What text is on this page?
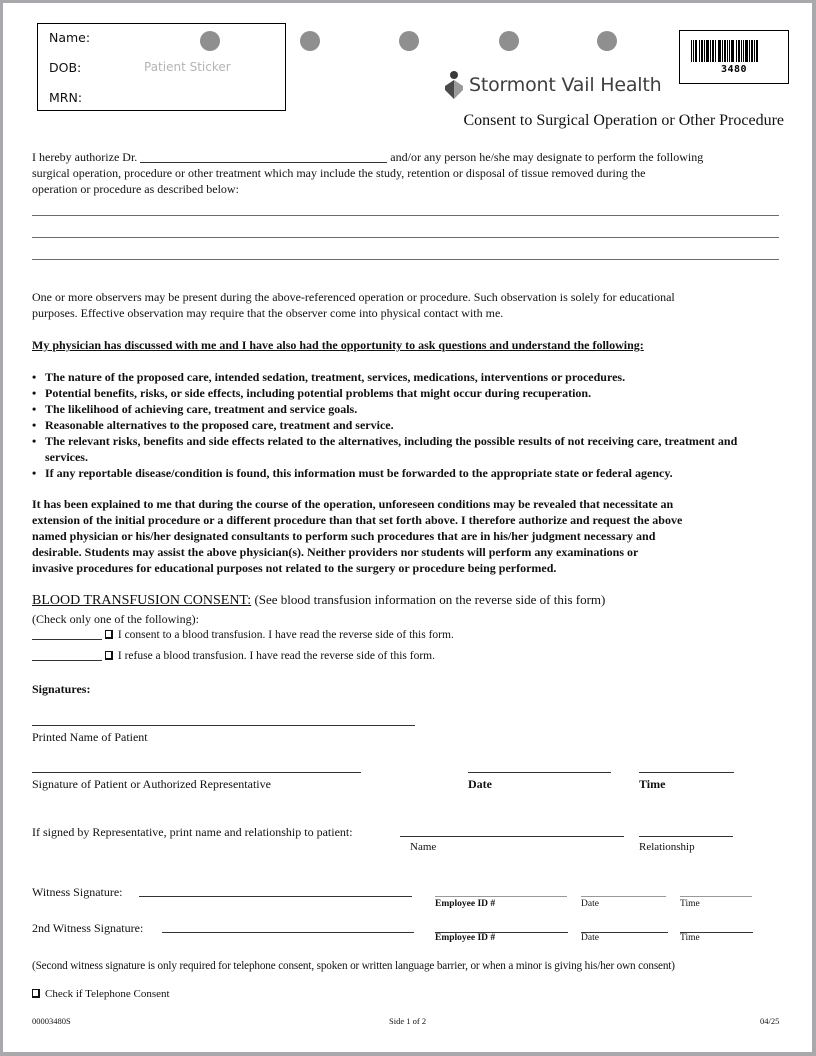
Name:
DOB:
MRN:
Patient Sticker	3480
Stormont Vail Health
Consent to Surgical Operation or Other Procedure
I hereby authorize Dr.	and/or any person he/she may designate to perform the following
surgical operation, procedure or other treatment which may include the study, retention or disposal of tissue removed during the
operation or procedure as described below:
One or more observers may be present during the above-referenced operation or procedure. Such observation is solely for educational
purposes. Effective observation may require that the observer come into physical contact with me.
My physician has discussed with me and I have also had the opportunity to ask questions and understand the following:
• The nature of the proposed care, intended sedation, treatment, services, medications, interventions or procedures.
• Potential benefits, risks, or side effects, including potential problems that might occur during recuperation.
• The likelihood of achieving care, treatment and service goals.
• Reasonable alternatives to the proposed care, treatment and service.
• The relevant risks, benefits and side effects related to the alternatives, including the possible results of not receiving care, treatment and services.
• If any reportable disease/condition is found, this information must be forwarded to the appropriate state or federal agency.
It has been explained to me that during the course of the operation, unforeseen conditions may be revealed that necessitate an
extension of the initial procedure or a different procedure than that set forth above. I therefore authorize and request the above
named physician or his/her designated consultants to perform such procedures that are in his/her judgment necessary and
desirable. Students may assist the above physician(s). Neither providers nor students will perform any examinations or
invasive procedures for educational purposes not related to the surgery or procedure being performed.
BLOOD TRANSFUSION CONSENT: (See blood transfusion information on the reverse side of this form)
(Check only one of the following):
I consent to a blood transfusion. I have read the reverse side of this form.
I refuse a blood transfusion. I have read the reverse side of this form.
Signatures:
Printed Name of Patient
Signature of Patient or Authorized Representative	Date	Time
If signed by Representative, print name and relationship to patient:
Name	Relationship
Witness Signature:
Employee ID #	Date	Time
2nd Witness Signature:
Employee ID #	Date	Time
(Second witness signature is only required for telephone consent, spoken or written language barrier, or when a minor is giving his/her own consent)
Check if Telephone Consent
00003480S	Side 1 of 2	04/25
